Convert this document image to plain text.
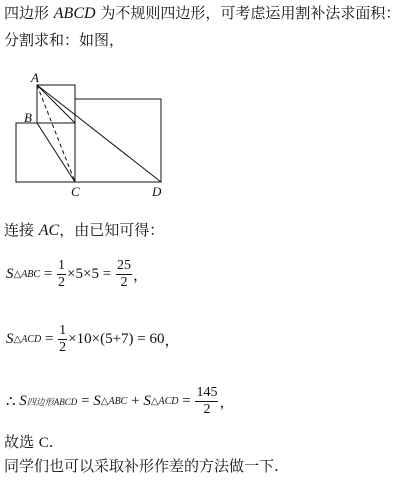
四边形 ABCD 为不规则四边形，可考虑运用割补法求面积：
分割求和：如图，
A
B
C	D
连接 AC，由已知可得：
S △ABC = $\frac{1}{2} \times 5\times 5 = \frac{25}{2}$ ，
S △ACD = $\frac{1}{2} \times 10\times(5+7) = 60$ ，
∴ S 四边形ABCD = S △ABC + S △ACD = $\frac{145}{2}$ ，
故选 C.
同学们也可以采取补形作差的方法做一下.
